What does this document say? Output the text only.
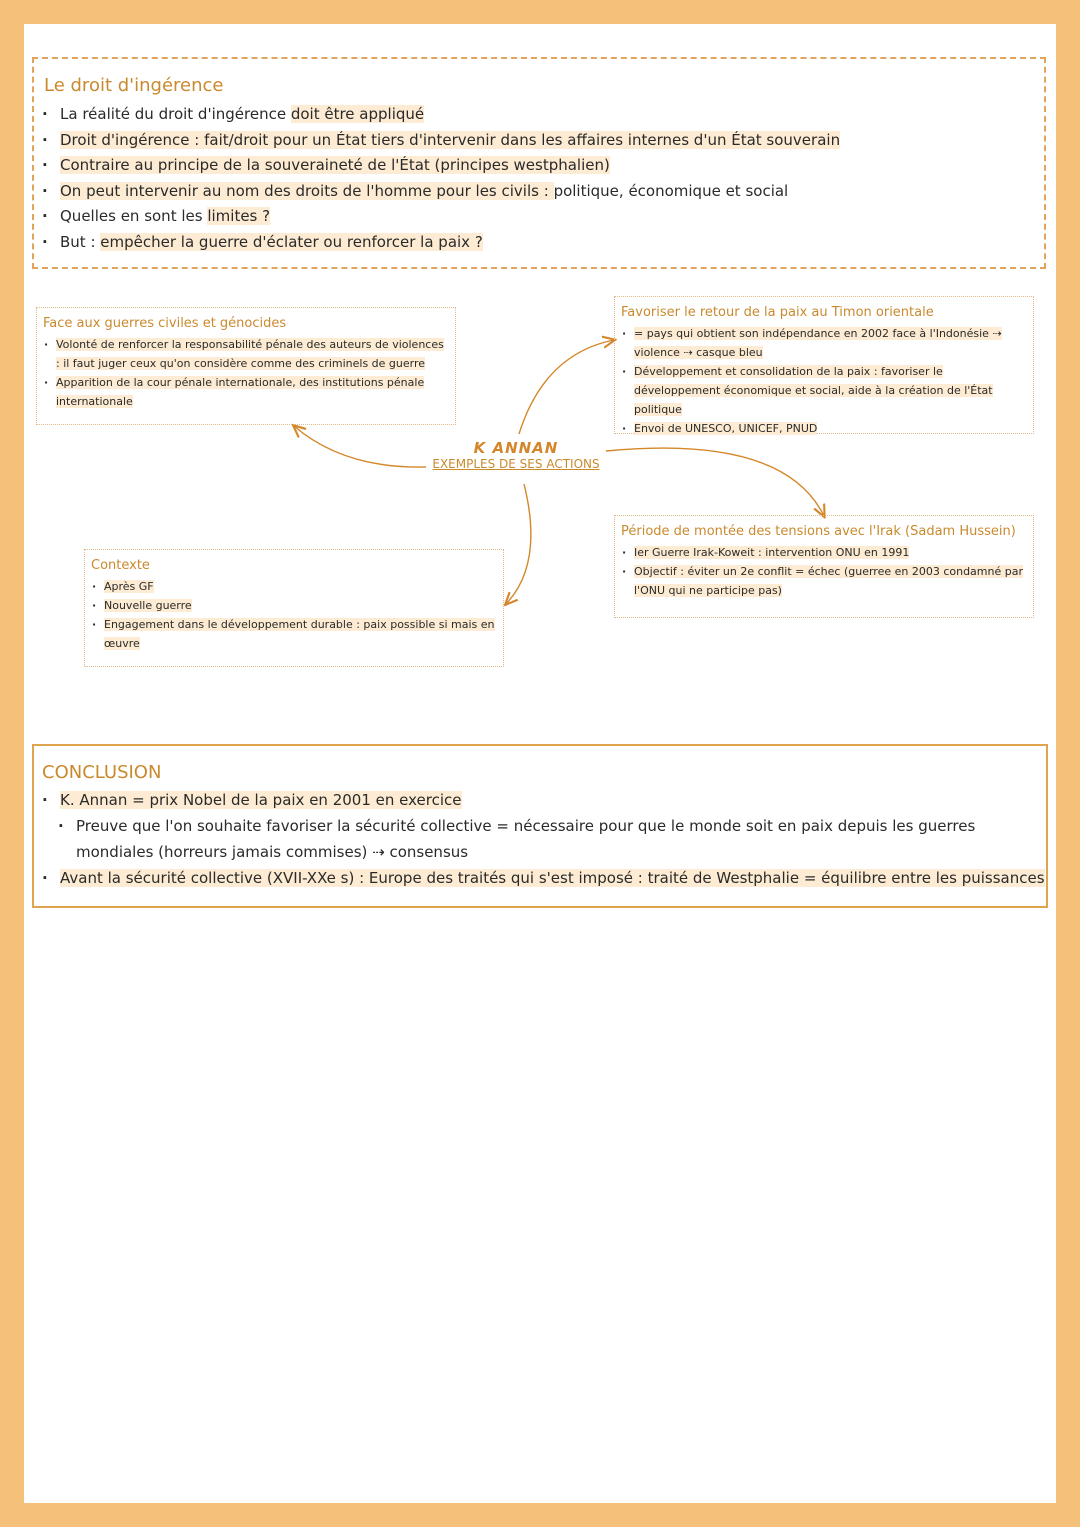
Le droit d'ingérence
· La réalité du droit d'ingérence doit être appliqué
· Droit d'ingérence : fait/droit pour un État tiers d'intervenir dans les affaires internes d'un État souverain
· Contraire au principe de la souveraineté de l'État (principes westphalien)
· On peut intervenir au nom des droits de l'homme pour les civils : politique, économique et social
· Quelles en sont les limites ?
· But : empêcher la guerre d'éclater ou renforcer la paix ?
K ANNAN
EXEMPLES DE SES ACTIONS
Face aux guerres civiles et génocides
· Volonté de renforcer la responsabilité pénale des auteurs de violences : il faut juger ceux qu'on considère comme des criminels de guerre
· Apparition de la cour pénale internationale, des institutions pénale internationale
Favoriser le retour de la paix au Timon orientale
· = pays qui obtient son indépendance en 2002 face à l'Indonésie ⇢ violence ⇢ casque bleu
· Développement et consolidation de la paix : favoriser le développement économique et social, aide à la création de l'État politique
· Envoi de UNESCO, UNICEF, PNUD
Période de montée des tensions avec l'Irak (Sadam Hussein)
· Ier Guerre Irak-Koweit : intervention ONU en 1991
· Objectif : éviter un 2e conflit = échec (guerree en 2003 condamné par l'ONU qui ne participe pas)
Contexte
· Après GF
· Nouvelle guerre
· Engagement dans le développement durable : paix possible si mais en œuvre
CONCLUSION
· K. Annan = prix Nobel de la paix en 2001 en exercice
· Preuve que l'on souhaite favoriser la sécurité collective = nécessaire pour que le monde soit en paix depuis les guerres mondiales (horreurs jamais commises) ⇢ consensus
· Avant la sécurité collective (XVII-XXe s) : Europe des traités qui s'est imposé : traité de Westphalie = équilibre entre les puissances
